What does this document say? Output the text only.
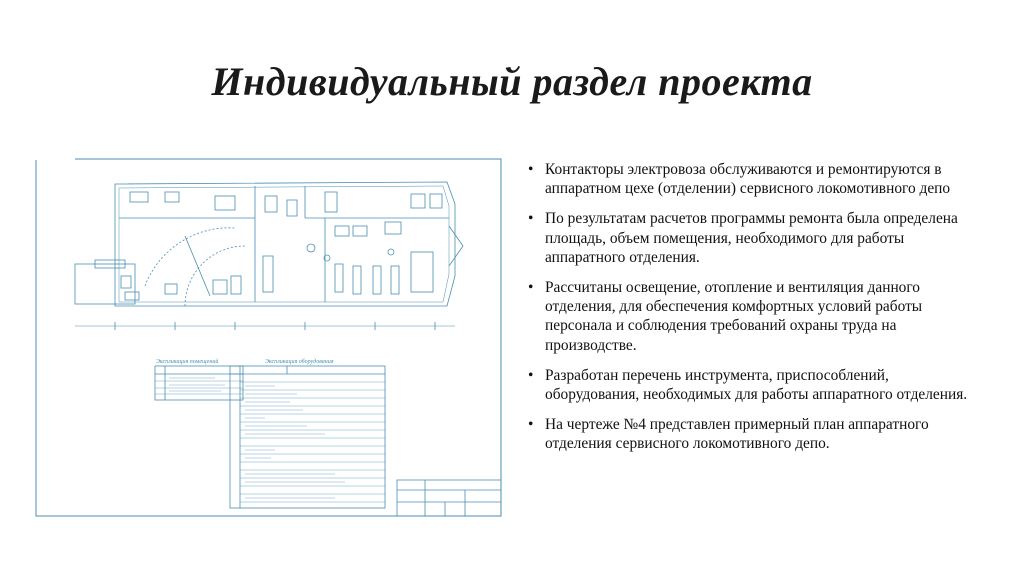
Индивидуальный раздел проекта
Экспликация помещений	Экспликация оборудования
• Контакторы электровоза обслуживаются и ремонтируются в аппаратном цехе (отделении) сервисного локомотивного депо
• По результатам расчетов программы ремонта была определена площадь, объем помещения, необходимого для работы аппаратного отделения.
• Рассчитаны освещение, отопление и вентиляция данного отделения, для обеспечения комфортных условий работы персонала и соблюдения требований охраны труда на производстве.
• Разработан перечень инструмента, приспособлений, оборудования, необходимых для работы аппаратного отделения.
• На чертеже №4 представлен примерный план аппаратного отделения сервисного локомотивного депо.
